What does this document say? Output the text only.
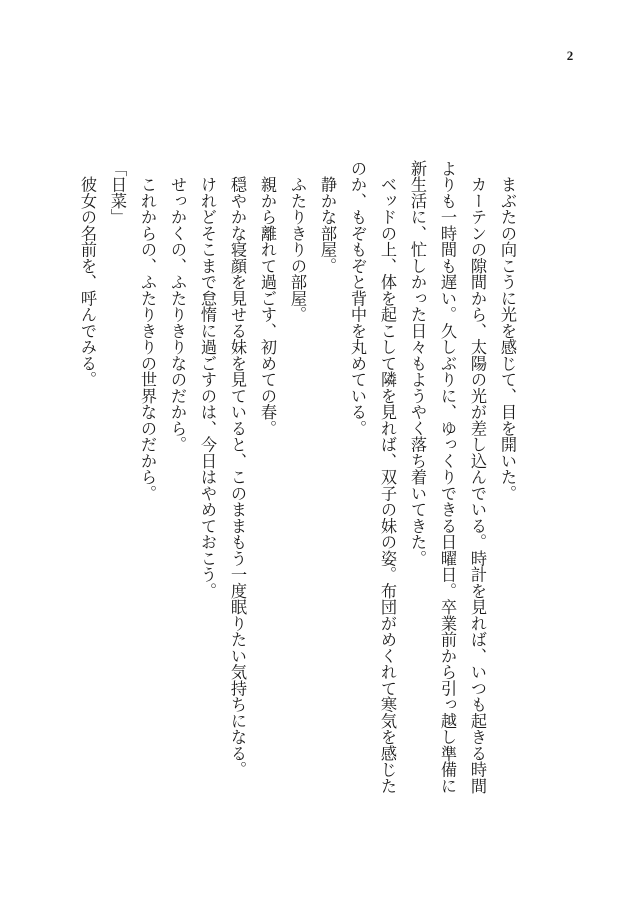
2
　まぶたの向こうに光を感じて、目を開いた。
　カーテンの隙間から、太陽の光が差し込んでいる。時計を見れば、いつも起きる時間
よりも一時間も遅い。久しぶりに、ゆっくりできる日曜日。卒業前から引っ越し準備に
新生活に、忙しかった日々もようやく落ち着いてきた。
　ベッドの上、体を起こして隣を見れば、双子の妹の姿。布団がめくれて寒気を感じた
のか、もぞもぞと背中を丸めている。
　静かな部屋。
　ふたりきりの部屋。
　親から離れて過ごす、初めての春。
　穏やかな寝顔を見せる妹を見ていると、このままもう一度眠りたい気持ちになる。
　けれどそこまで怠惰に過ごすのは、今日はやめておこう。
　せっかくの、ふたりきりなのだから。
　これからの、ふたりきりの世界なのだから。
「日菜」
　彼女の名前を、呼んでみる。
